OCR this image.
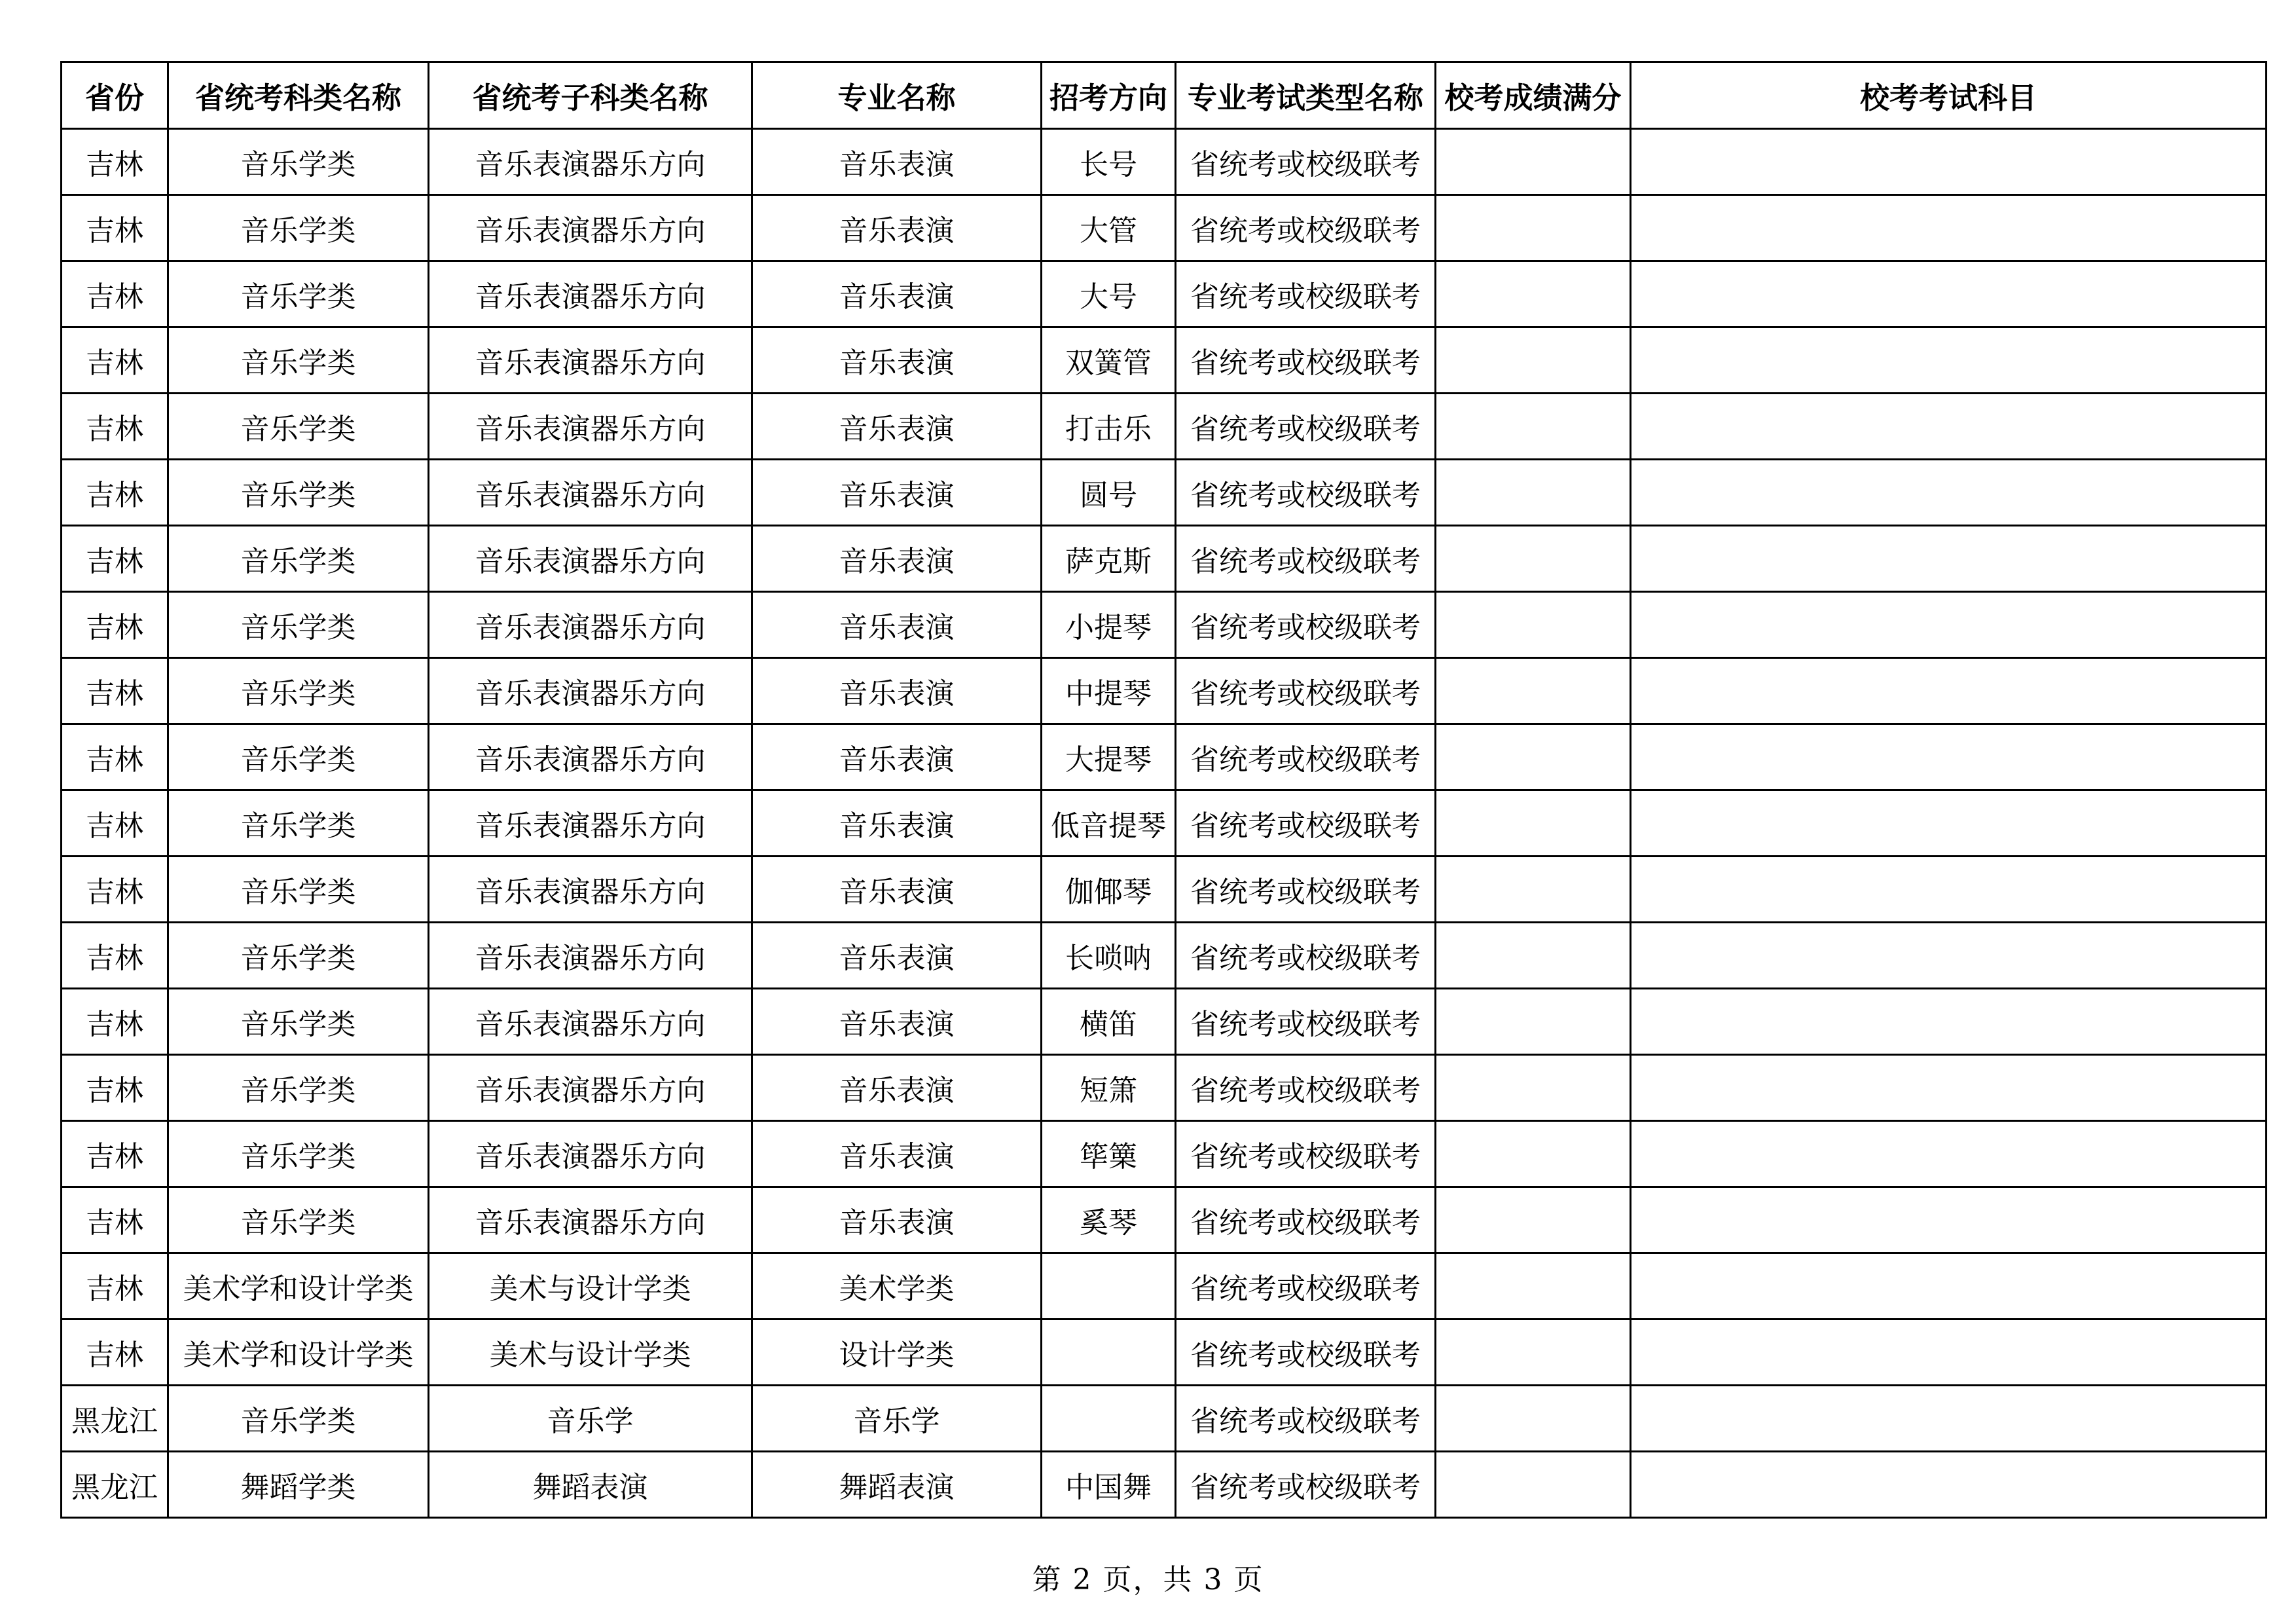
省份	省统考科类名称	省统考子科类名称	专业名称	招考方向	专业考试类型名称	校考成绩满分	校考考试科目
吉林	音乐学类	音乐表演器乐方向	音乐表演	长号	省统考或校级联考		
吉林	音乐学类	音乐表演器乐方向	音乐表演	大管	省统考或校级联考		
吉林	音乐学类	音乐表演器乐方向	音乐表演	大号	省统考或校级联考		
吉林	音乐学类	音乐表演器乐方向	音乐表演	双簧管	省统考或校级联考		
吉林	音乐学类	音乐表演器乐方向	音乐表演	打击乐	省统考或校级联考		
吉林	音乐学类	音乐表演器乐方向	音乐表演	圆号	省统考或校级联考		
吉林	音乐学类	音乐表演器乐方向	音乐表演	萨克斯	省统考或校级联考		
吉林	音乐学类	音乐表演器乐方向	音乐表演	小提琴	省统考或校级联考		
吉林	音乐学类	音乐表演器乐方向	音乐表演	中提琴	省统考或校级联考		
吉林	音乐学类	音乐表演器乐方向	音乐表演	大提琴	省统考或校级联考		
吉林	音乐学类	音乐表演器乐方向	音乐表演	低音提琴	省统考或校级联考		
吉林	音乐学类	音乐表演器乐方向	音乐表演	伽倻琴	省统考或校级联考		
吉林	音乐学类	音乐表演器乐方向	音乐表演	长唢呐	省统考或校级联考		
吉林	音乐学类	音乐表演器乐方向	音乐表演	横笛	省统考或校级联考		
吉林	音乐学类	音乐表演器乐方向	音乐表演	短箫	省统考或校级联考		
吉林	音乐学类	音乐表演器乐方向	音乐表演	筚篥	省统考或校级联考		
吉林	音乐学类	音乐表演器乐方向	音乐表演	奚琴	省统考或校级联考		
吉林	美术学和设计学类	美术与设计学类	美术学类		省统考或校级联考		
吉林	美术学和设计学类	美术与设计学类	设计学类		省统考或校级联考		
黑龙江	音乐学类	音乐学	音乐学		省统考或校级联考		
黑龙江	舞蹈学类	舞蹈表演	舞蹈表演	中国舞	省统考或校级联考		
第 2 页，共 3 页
